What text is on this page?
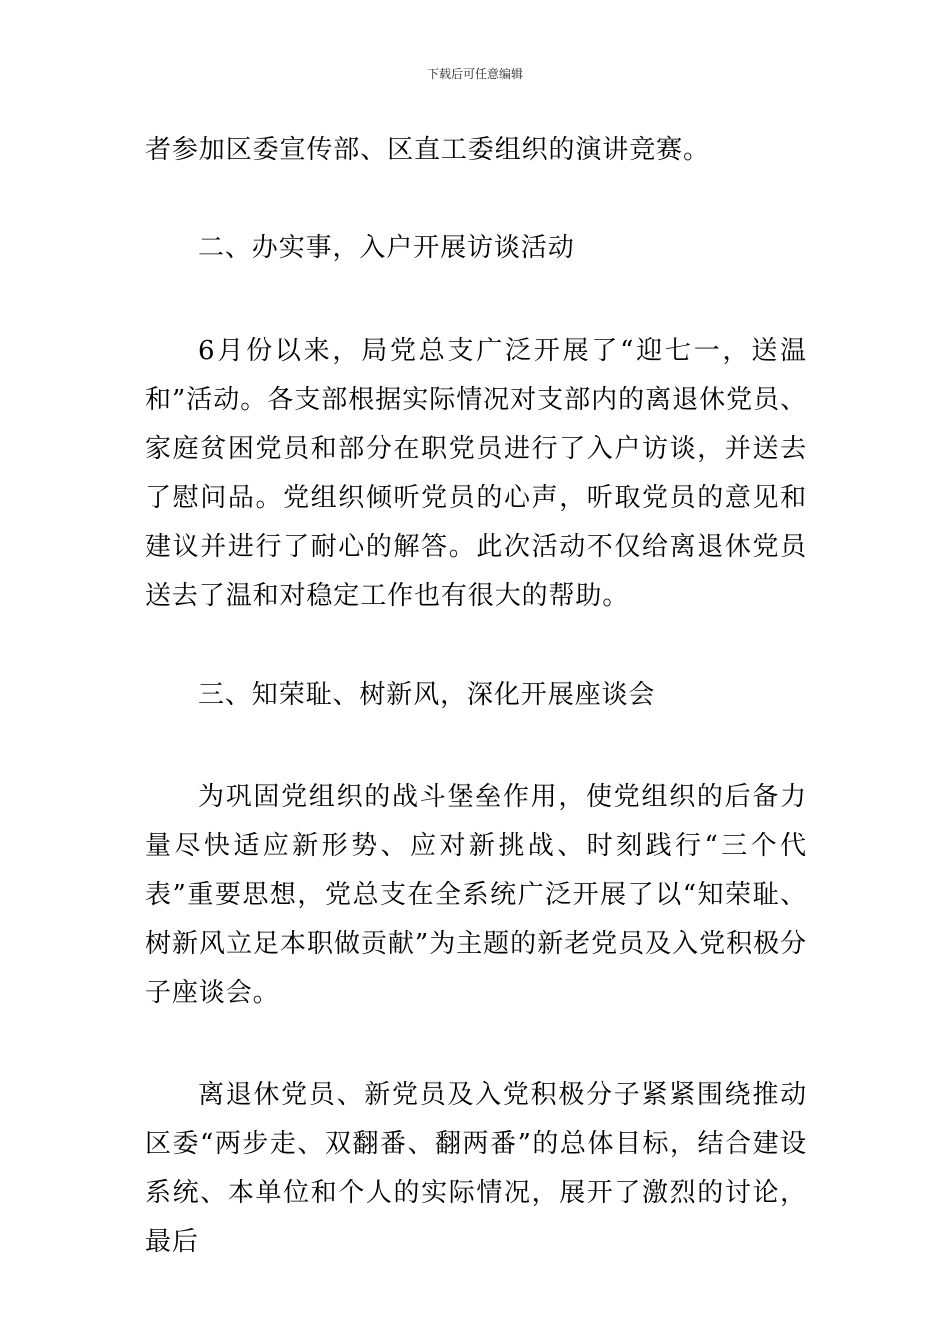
下载后可任意编辑

者参加区委宣传部、区直工委组织的演讲竞赛。

二、办实事，入户开展访谈活动

6月份以来，局党总支广泛开展了“迎七一，送温和”活动。各支部根据实际情况对支部内的离退休党员、家庭贫困党员和部分在职党员进行了入户访谈，并送去了慰问品。党组织倾听党员的心声，听取党员的意见和建议并进行了耐心的解答。此次活动不仅给离退休党员送去了温和对稳定工作也有很大的帮助。

三、知荣耻、树新风，深化开展座谈会

为巩固党组织的战斗堡垒作用，使党组织的后备力量尽快适应新形势、应对新挑战、时刻践行“三个代表”重要思想，党总支在全系统广泛开展了以“知荣耻、树新风立足本职做贡献”为主题的新老党员及入党积极分子座谈会。

离退休党员、新党员及入党积极分子紧紧围绕推动区委“两步走、双翻番、翻两番”的总体目标，结合建设系统、本单位和个人的实际情况，展开了激烈的讨论，最后
